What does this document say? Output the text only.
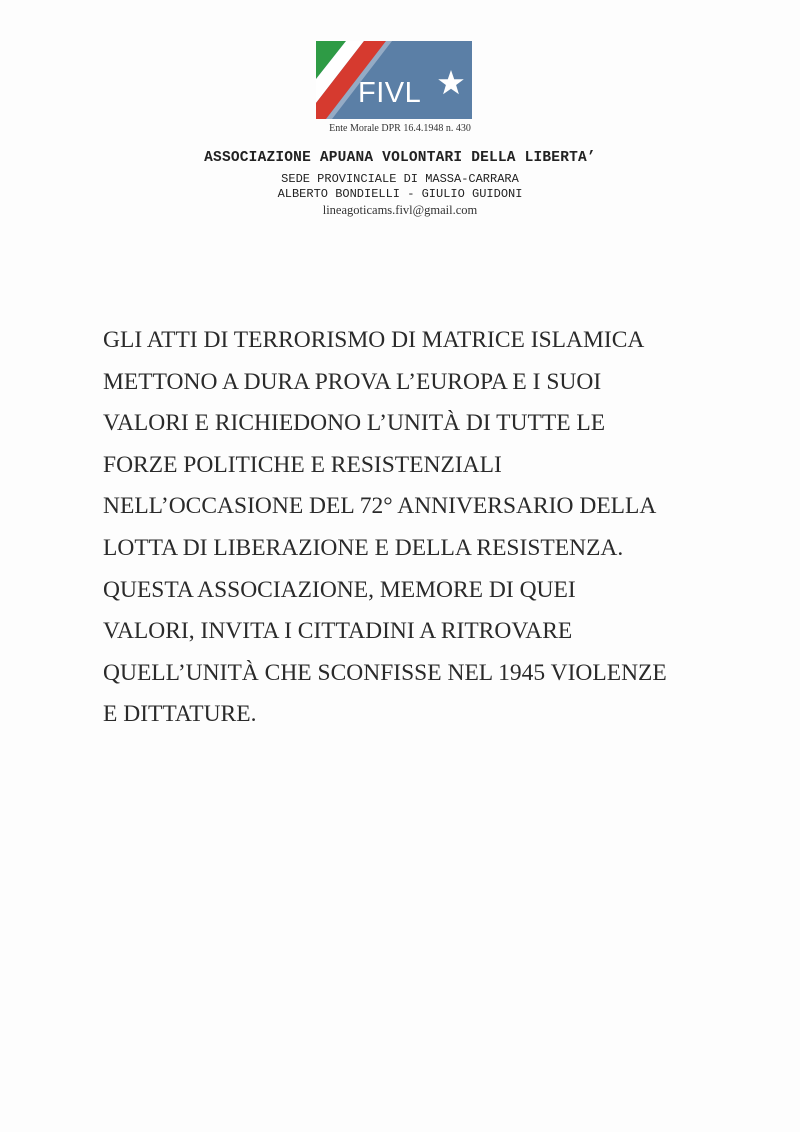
FIVL
Ente Morale DPR 16.4.1948 n. 430
ASSOCIAZIONE APUANA VOLONTARI DELLA LIBERTA’
SEDE PROVINCIALE DI MASSA-CARRARA
ALBERTO BONDIELLI - GIULIO GUIDONI
lineagoticams.fivl@gmail.com
GLI ATTI DI TERRORISMO DI MATRICE ISLAMICA
METTONO A DURA PROVA L’EUROPA E I SUOI
VALORI E RICHIEDONO L’UNITÀ DI TUTTE LE
FORZE POLITICHE E RESISTENZIALI
NELL’OCCASIONE DEL 72° ANNIVERSARIO DELLA
LOTTA DI LIBERAZIONE E DELLA RESISTENZA.
QUESTA ASSOCIAZIONE, MEMORE DI QUEI
VALORI, INVITA I CITTADINI A RITROVARE
QUELL’UNITÀ CHE SCONFISSE NEL 1945 VIOLENZE
E DITTATURE.
